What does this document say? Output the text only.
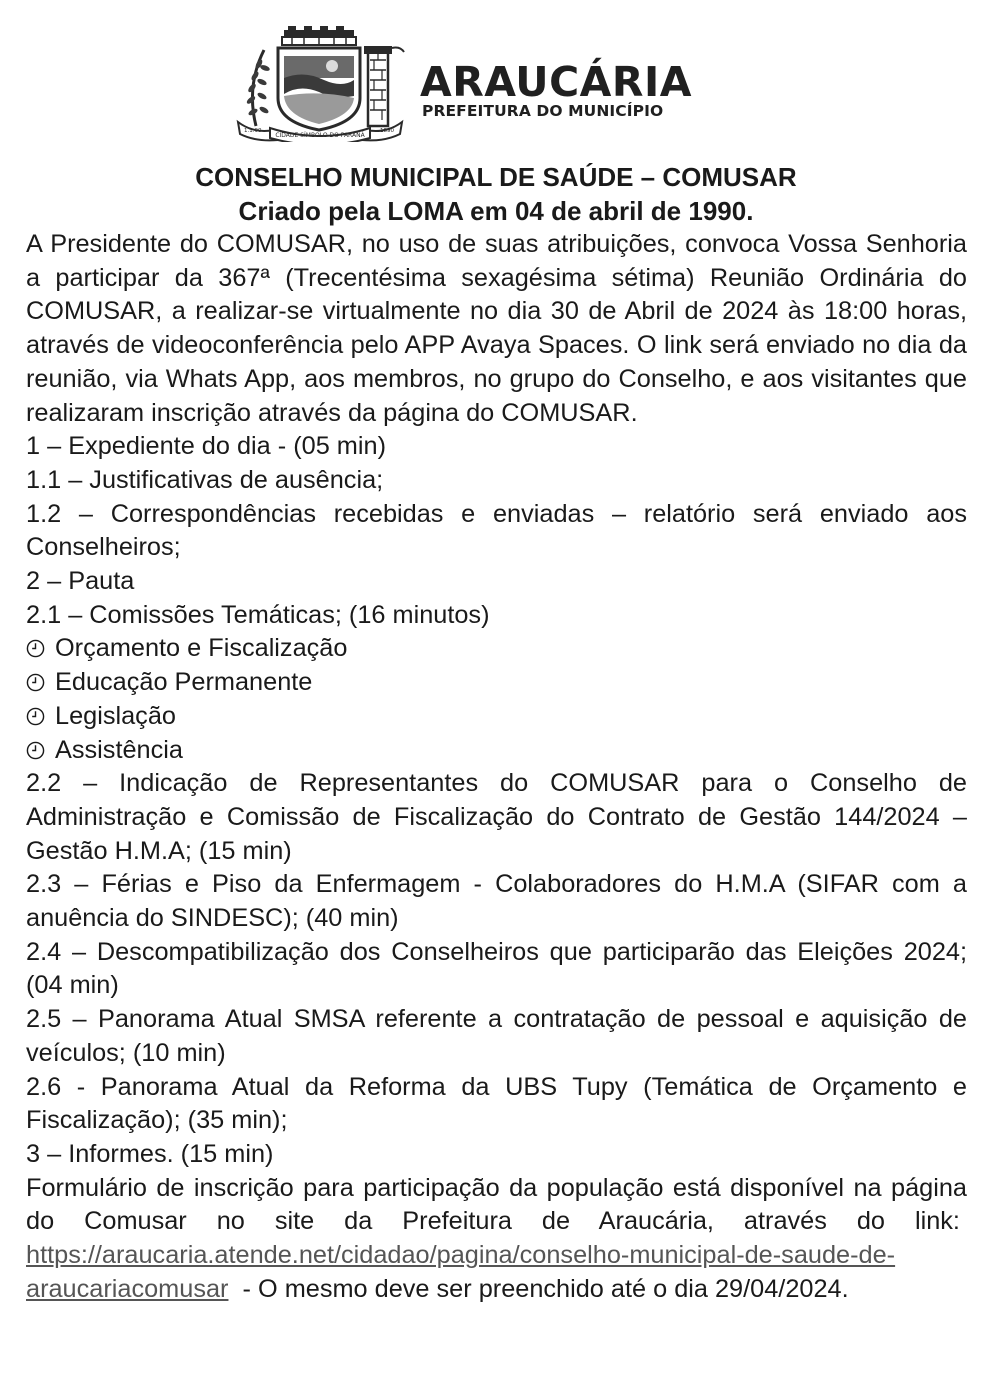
CIDADE SÍMBOLO DO PARANÁ
1.1.90	1890
ARAUCÁRIA
PREFEITURA DO MUNICÍPIO
CONSELHO MUNICIPAL DE SAÚDE – COMUSAR
Criado pela LOMA em 04 de abril de 1990.

A Presidente do COMUSAR, no uso de suas atribuições, convoca Vossa Senhoria a participar da 367ª (Trecentésima sexagésima sétima) Reunião Ordinária do COMUSAR, a realizar-se virtualmente no dia 30 de Abril de 2024 às 18:00 horas, através de videoconferência pelo APP Avaya Spaces. O link será enviado no dia da reunião, via Whats App, aos membros, no grupo do Conselho, e aos visitantes que realizaram inscrição através da página do COMUSAR.

1 – Expediente do dia - (05 min)

1.1 – Justificativas de ausência;

1.2 – Correspondências recebidas e enviadas – relatório será enviado aos Conselheiros;

2 – Pauta

2.1 – Comissões Temáticas; (16 minutos)

Orçamento e Fiscalização

Educação Permanente

Legislação

Assistência

2.2 – Indicação de Representantes do COMUSAR para o Conselho de Administração e Comissão de Fiscalização do Contrato de Gestão 144/2024 – Gestão H.M.A; (15 min)

2.3 – Férias e Piso da Enfermagem - Colaboradores do H.M.A (SIFAR com a anuência do SINDESC); (40 min)

2.4 – Descompatibilização dos Conselheiros que participarão das Eleições 2024; (04 min)

2.5 – Panorama Atual SMSA referente a contratação de pessoal e aquisição de veículos; (10 min)

2.6 - Panorama Atual da Reforma da UBS Tupy (Temática de Orçamento e Fiscalização); (35 min);

3 – Informes. (15 min)

Formulário de inscrição para participação da população está disponível na página do Comusar no site da Prefeitura de Araucária, através do link:  https://araucaria.atende.net/cidadao/pagina/conselho-municipal-de-saude-de-araucariacomusar - O mesmo deve ser preenchido até o dia 29/04/2024.
